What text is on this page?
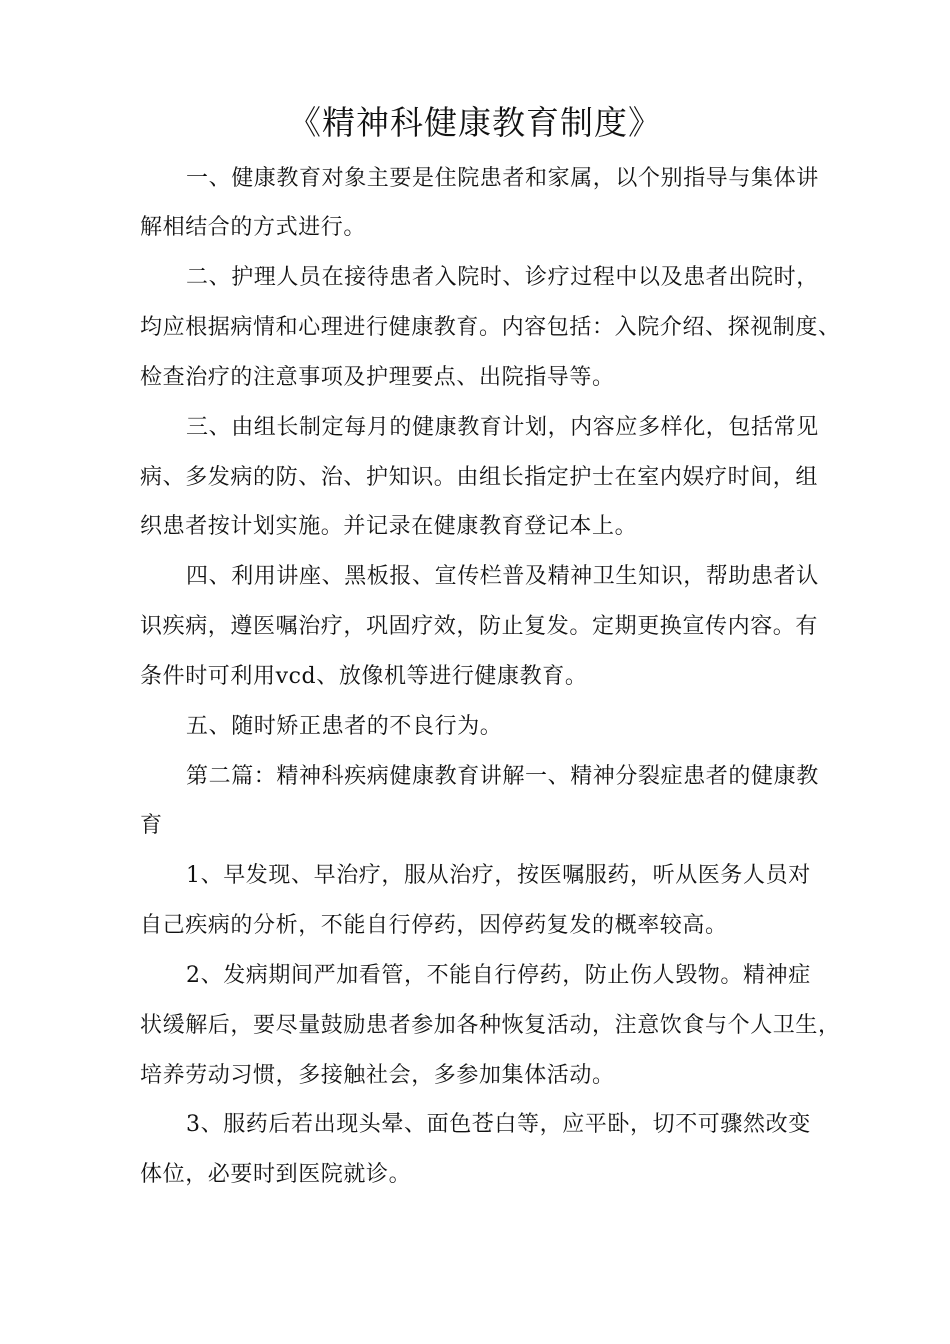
《精神科健康教育制度》
一、健康教育对象主要是住院患者和家属，以个别指导与集体讲
解相结合的方式进行。
二、护理人员在接待患者入院时、诊疗过程中以及患者出院时，
均应根据病情和心理进行健康教育。内容包括：入院介绍、探视制度、
检查治疗的注意事项及护理要点、出院指导等。
三、由组长制定每月的健康教育计划，内容应多样化，包括常见
病、多发病的防、治、护知识。由组长指定护士在室内娱疗时间，组
织患者按计划实施。并记录在健康教育登记本上。
四、利用讲座、黑板报、宣传栏普及精神卫生知识，帮助患者认
识疾病，遵医嘱治疗，巩固疗效，防止复发。定期更换宣传内容。有
条件时可利用vcd、放像机等进行健康教育。
五、随时矫正患者的不良行为。
第二篇：精神科疾病健康教育讲解一、精神分裂症患者的健康教
育
1、早发现、早治疗，服从治疗，按医嘱服药，听从医务人员对
自己疾病的分析，不能自行停药，因停药复发的概率较高。
2、发病期间严加看管，不能自行停药，防止伤人毁物。精神症
状缓解后，要尽量鼓励患者参加各种恢复活动，注意饮食与个人卫生，
培养劳动习惯，多接触社会，多参加集体活动。
3、服药后若出现头晕、面色苍白等，应平卧，切不可骤然改变
体位，必要时到医院就诊。
